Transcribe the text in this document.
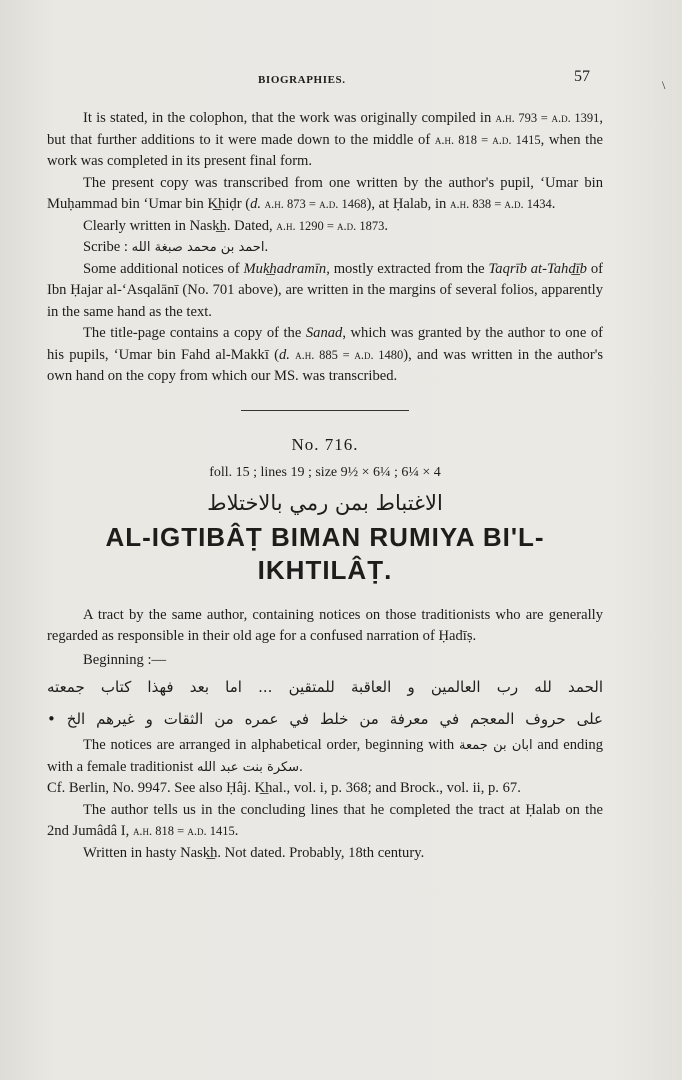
BIOGRAPHIES.	57	\

It is stated, in the colophon, that the work was originally compiled in a.h. 793 = a.d. 1391, but that further additions to it were made down to the middle of a.h. 818 = a.d. 1415, when the work was completed in its present final form.

The present copy was transcribed from one written by the author's pupil, ‘Umar bin Muḥammad bin ‘Umar bin K͟hiḍr (d. a.h. 873 = a.d. 1468), at Ḥalab, in a.h. 838 = a.d. 1434.

Clearly written in Nask͟h. Dated, a.h. 1290 = a.d. 1873.

Scribe : احمد بن محمد صبغة الله.

Some additional notices of Muk͟hadramīn, mostly extracted from the Taqrīb at-Tahd͟īb of Ibn Ḥajar al-‘Asqalānī (No. 701 above), are written in the margins of several folios, apparently in the same hand as the text.

The title-page contains a copy of the Sanad, which was granted by the author to one of his pupils, ‘Umar bin Fahd al-Makkī (d. a.h. 885 = a.d. 1480), and was written in the author's own hand on the copy from which our MS. was transcribed.

No. 716.
foll. 15 ; lines 19 ; size 9½ × 6¼ ; 6¼ × 4
الاغتباط بمن رمي بالاختلاط
AL-IGTIBÂṬ BIMAN RUMIYA BI'L-IKHTILÂṬ.

A tract by the same author, containing notices on those traditionists who are generally regarded as responsible in their old age for a confused narration of Ḥadīṣ.

Beginning :—

الحمد لله رب العالمين و العاقبة للمتقين ... اما بعد فهذا كتاب جمعته

على حروف المعجم في معرفة من خلط في عمره من الثقات و غيرهم الخ •

The notices are arranged in alphabetical order, beginning with ابان بن جمعة and ending with a female traditionist سكرة بنت عبد الله.

Cf. Berlin, No. 9947. See also Ḥâj. K͟hal., vol. i, p. 368; and Brock., vol. ii, p. 67.

The author tells us in the concluding lines that he completed the tract at Ḥalab on the 2nd Jumâdâ I, a.h. 818 = a.d. 1415.

Written in hasty Nask͟h. Not dated. Probably, 18th century.
